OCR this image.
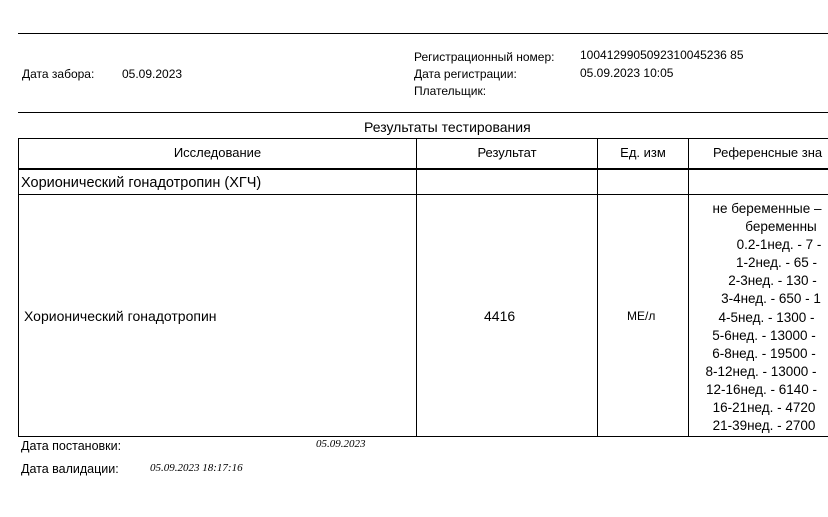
Дата забора: 05.09.2023
Регистрационный номер: 1004129905092310045236 85
Дата регистрации:	05.09.2023 10:05
Плательщик:
Результаты тестирования
Исследование	Результат	Ед. изм	Референсные зна
Хорионический гонадотропин (ХГЧ)
Хорионический гонадотропин	4416	МЕ/л
не беременные –
беременны
0.2-1нед. - 7 -
1-2нед. - 65 -
2-3нед. - 130 -
3-4нед. - 650 - 1
4-5нед. - 1300 -
5-6нед. - 13000 -
6-8нед. - 19500 -
8-12нед. - 13000 -
12-16нед. - 6140 -
16-21нед. - 4720
21-39нед. - 2700
Дата постановки:	05.09.2023
Дата валидации:	05.09.2023 18:17:16
